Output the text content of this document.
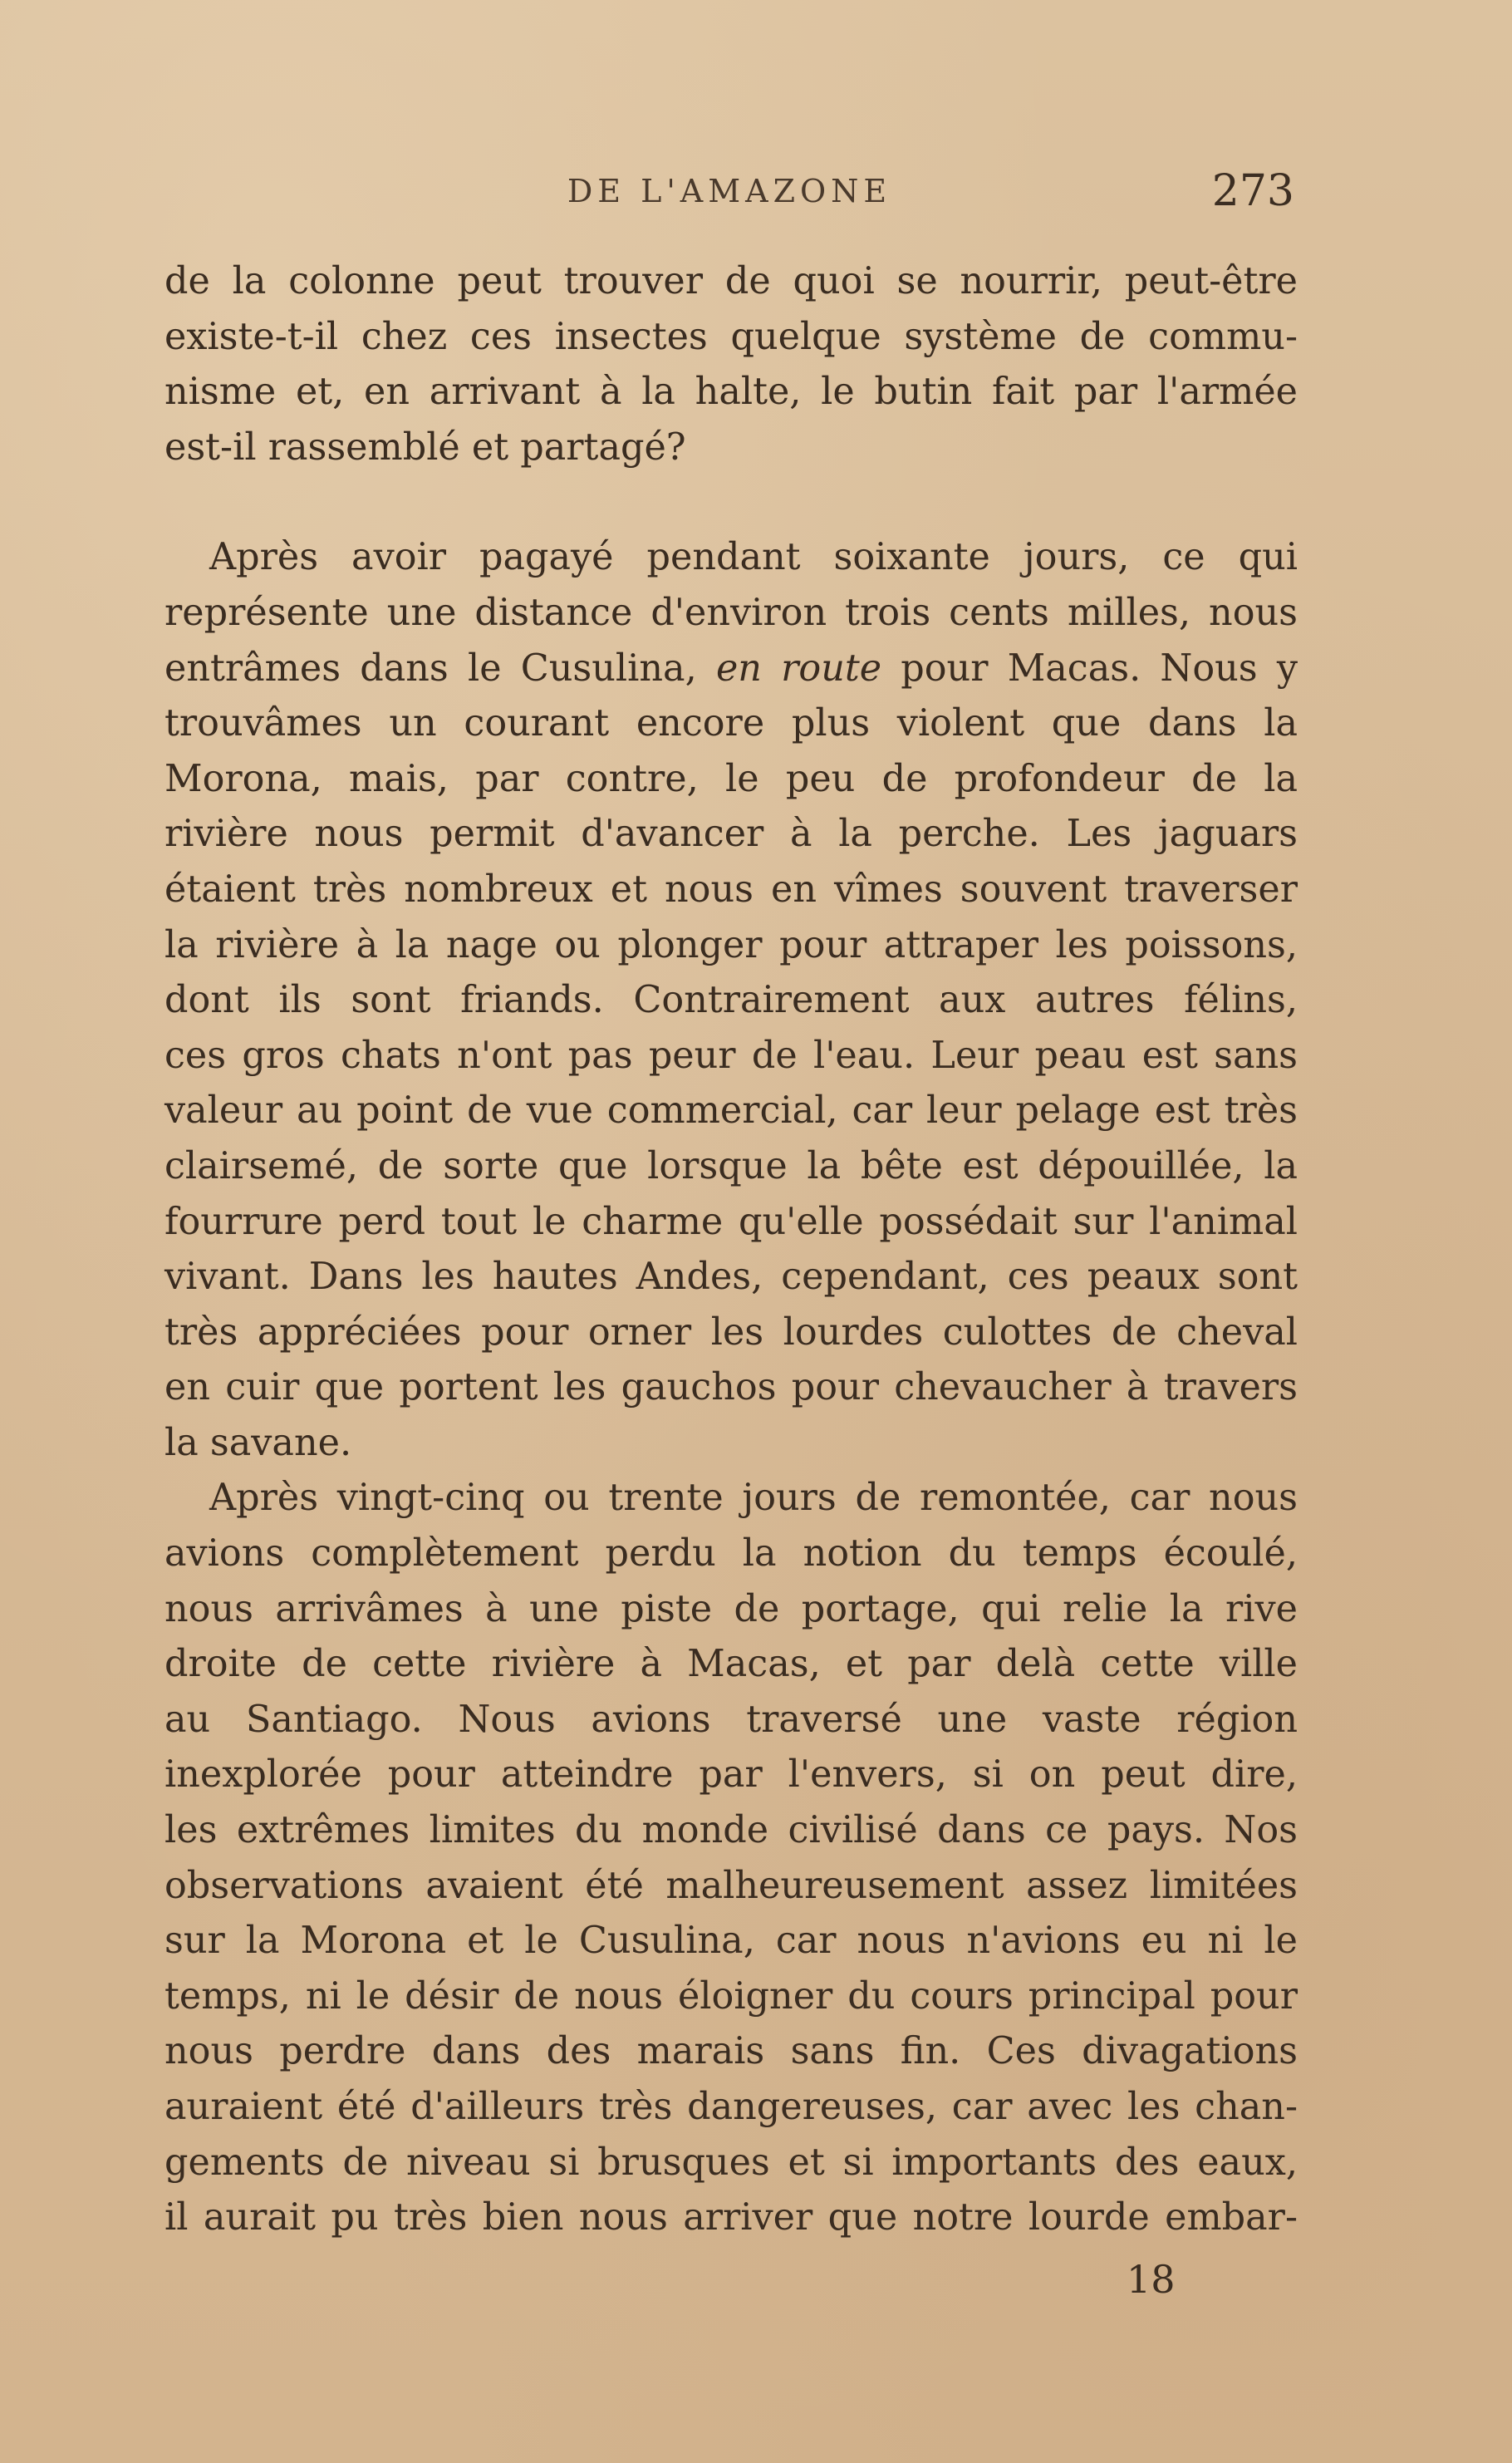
DE L'AMAZONE	273
de la colonne peut trouver de quoi se nourrir, peut-être
existe-t-il chez ces insectes quelque système de commu-
nisme et, en arrivant à la halte, le butin fait par l'armée
est-il rassemblé et partagé?
Après avoir pagayé pendant soixante jours, ce qui
représente une distance d'environ trois cents milles, nous
entrâmes dans le Cusulina, en route pour Macas. Nous y
trouvâmes un courant encore plus violent que dans la
Morona, mais, par contre, le peu de profondeur de la
rivière nous permit d'avancer à la perche. Les jaguars
étaient très nombreux et nous en vîmes souvent traverser
la rivière à la nage ou plonger pour attraper les poissons,
dont ils sont friands. Contrairement aux autres félins,
ces gros chats n'ont pas peur de l'eau. Leur peau est sans
valeur au point de vue commercial, car leur pelage est très
clairsemé, de sorte que lorsque la bête est dépouillée, la
fourrure perd tout le charme qu'elle possédait sur l'animal
vivant. Dans les hautes Andes, cependant, ces peaux sont
très appréciées pour orner les lourdes culottes de cheval
en cuir que portent les gauchos pour chevaucher à travers
la savane.
Après vingt-cinq ou trente jours de remontée, car nous
avions complètement perdu la notion du temps écoulé,
nous arrivâmes à une piste de portage, qui relie la rive
droite de cette rivière à Macas, et par delà cette ville
au Santiago. Nous avions traversé une vaste région
inexplorée pour atteindre par l'envers, si on peut dire,
les extrêmes limites du monde civilisé dans ce pays. Nos
observations avaient été malheureusement assez limitées
sur la Morona et le Cusulina, car nous n'avions eu ni le
temps, ni le désir de nous éloigner du cours principal pour
nous perdre dans des marais sans fin. Ces divagations
auraient été d'ailleurs très dangereuses, car avec les chan-
gements de niveau si brusques et si importants des eaux,
il aurait pu très bien nous arriver que notre lourde embar-
18
